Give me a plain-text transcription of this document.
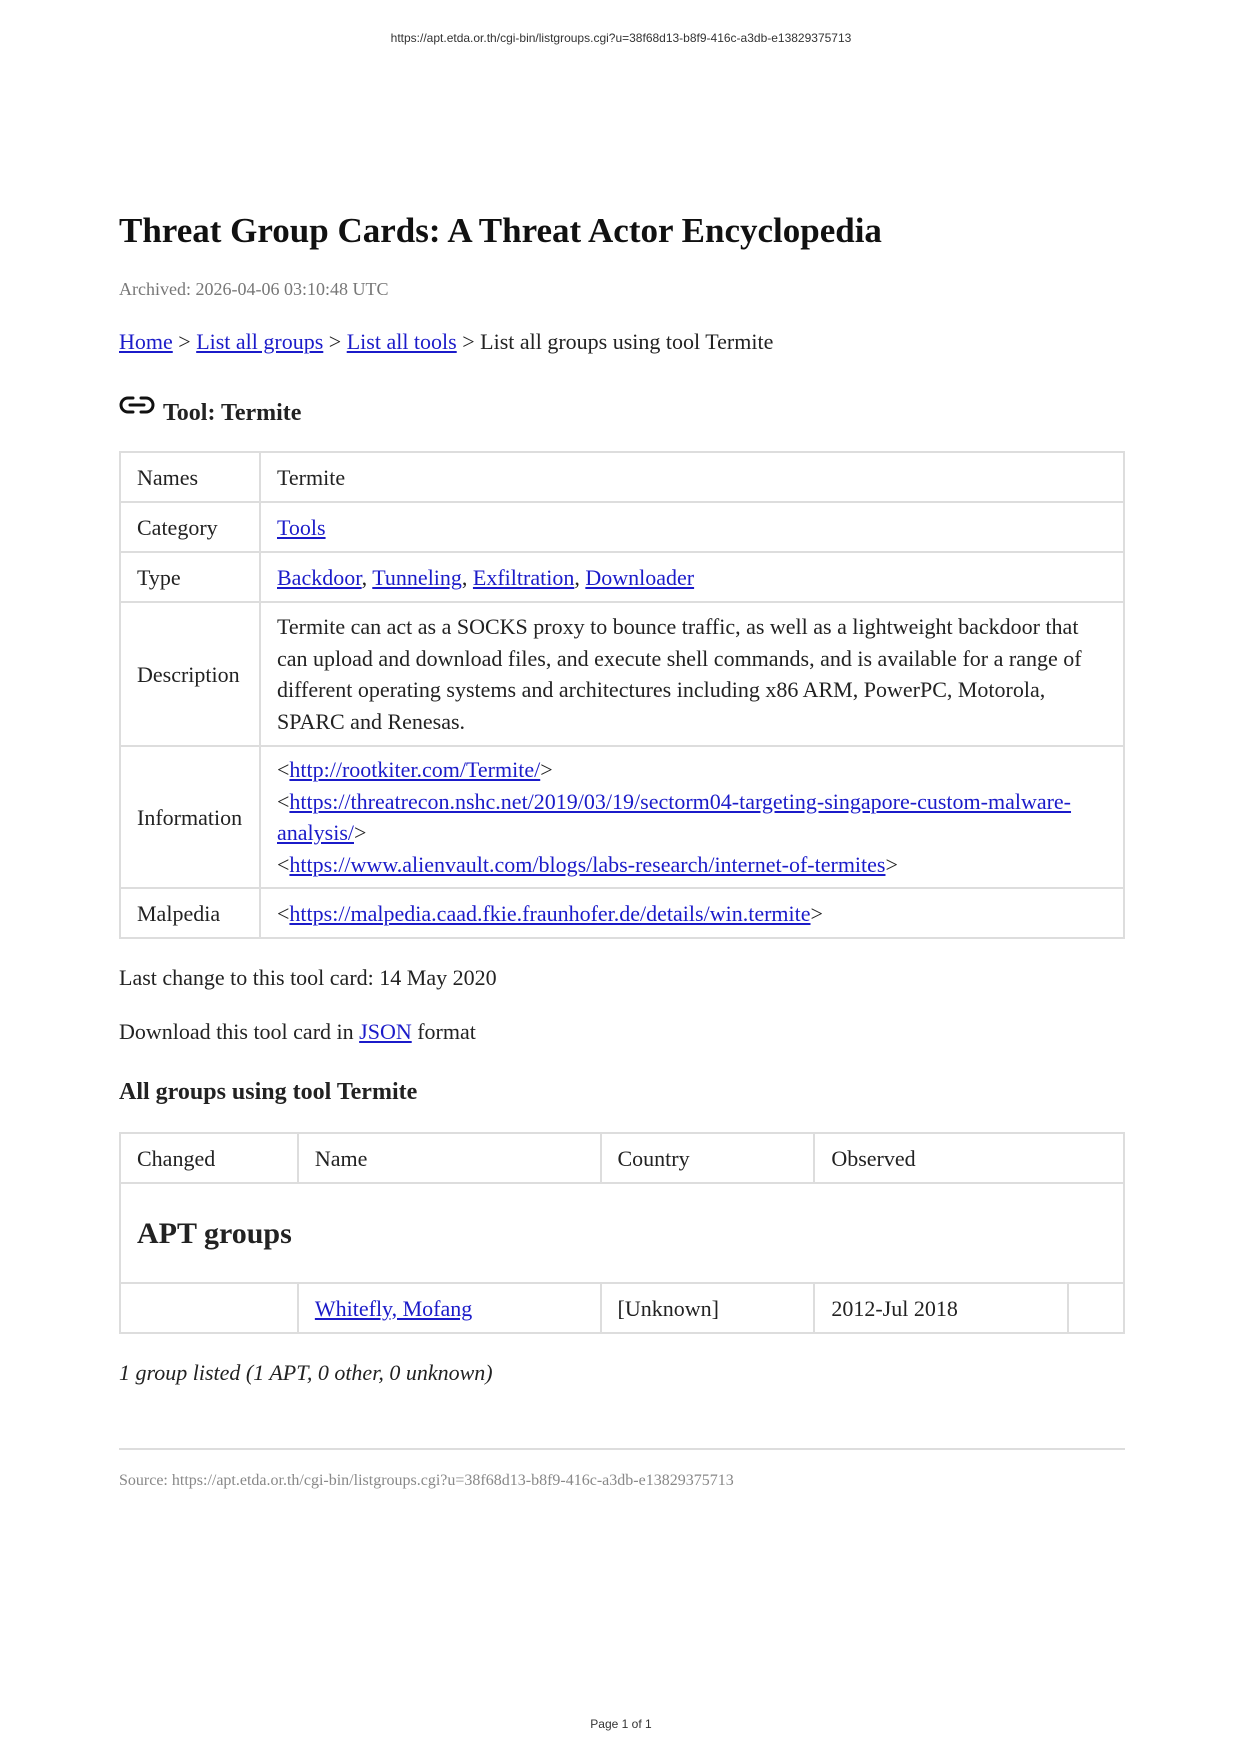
https://apt.etda.or.th/cgi-bin/listgroups.cgi?u=38f68d13-b8f9-416c-a3db-e13829375713
Threat Group Cards: A Threat Actor Encyclopedia
Archived: 2026-04-06 03:10:48 UTC
Home > List all groups > List all tools > List all groups using tool Termite
Tool: Termite
Names	Termite
Category	Tools
Type	Backdoor, Tunneling, Exfiltration, Downloader
Description	Termite can act as a SOCKS proxy to bounce traffic, as well as a lightweight backdoor that can upload and download files, and execute shell commands, and is available for a range of different operating systems and architectures including x86 ARM, PowerPC, Motorola, SPARC and Renesas.
Information	<http://rootkiter.com/Termite/>
<https://threatrecon.nshc.net/2019/03/19/sectorm04-targeting-singapore-custom-malware-analysis/>
<https://www.alienvault.com/blogs/labs-research/internet-of-termites>

Malpedia	<https://malpedia.caad.fkie.fraunhofer.de/details/win.termite>
Last change to this tool card: 14 May 2020
Download this tool card in JSON format
All groups using tool Termite
Changed	Name	Country	Observed	
APT groups				
	Whitefly, Mofang	[Unknown]	2012-Jul 2018	
1 group listed (1 APT, 0 other, 0 unknown)
Source: https://apt.etda.or.th/cgi-bin/listgroups.cgi?u=38f68d13-b8f9-416c-a3db-e13829375713
Page 1 of 1
